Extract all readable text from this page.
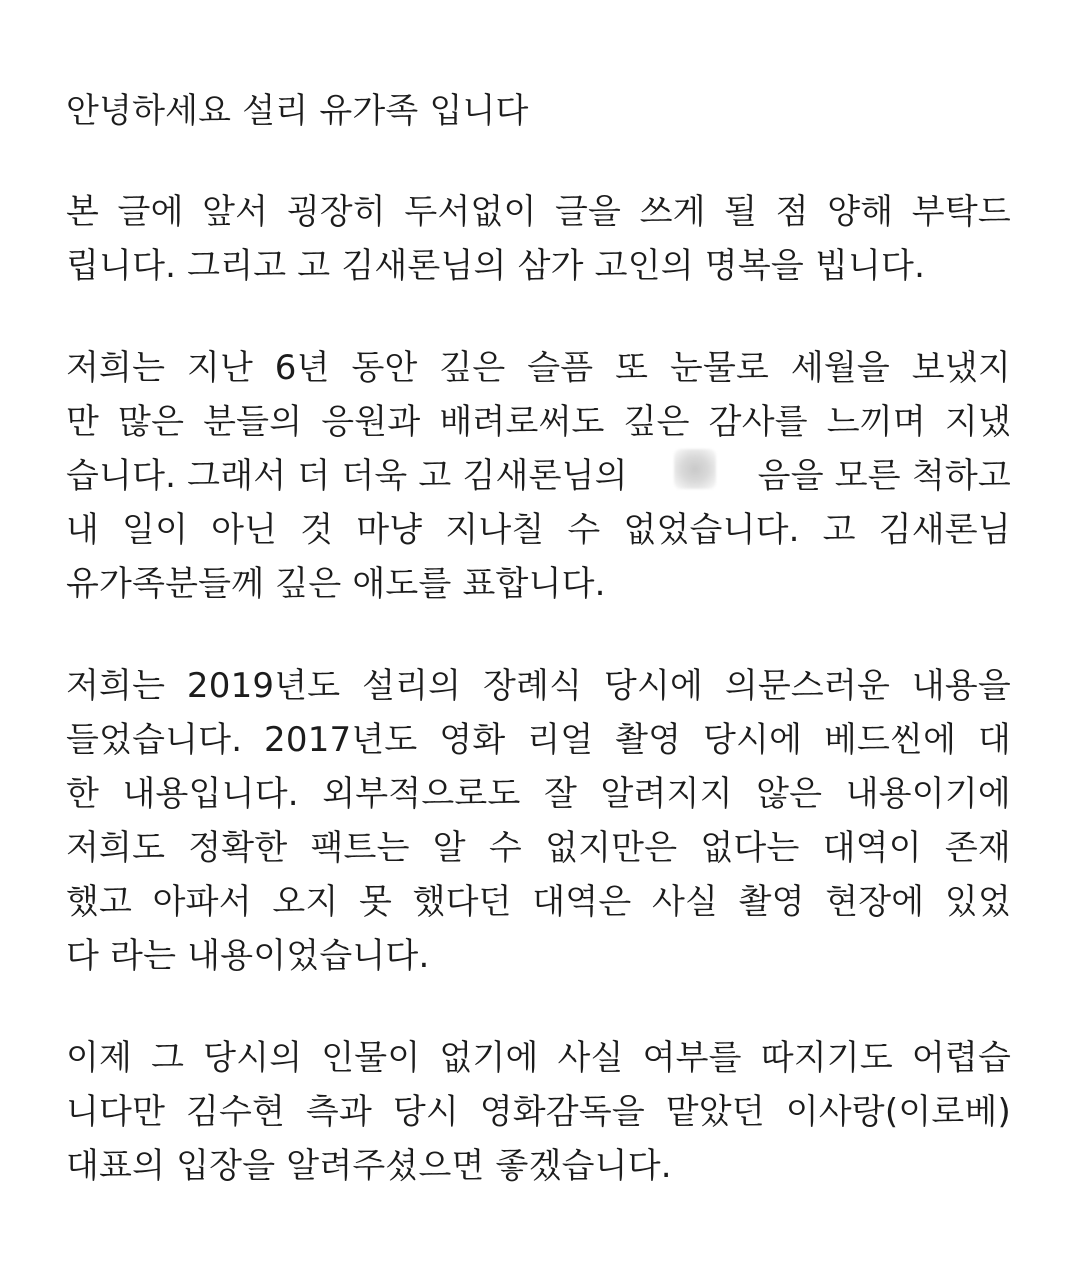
안녕하세요 설리 유가족 입니다
본 글에 앞서 굉장히 두서없이 글을 쓰게 될 점 양해 부탁드
립니다. 그리고 고 김새론님의 삼가 고인의 명복을 빕니다.
저희는 지난 6년 동안 깊은 슬픔 또 눈물로 세월을 보냈지
만 많은 분들의 응원과 배려로써도 깊은 감사를 느끼며 지냈
습니다. 그래서 더 더욱 고 김새론님의	음을 모른 척하고
내 일이 아닌 것 마냥 지나칠 수 없었습니다. 고 김새론님
유가족분들께 깊은 애도를 표합니다.
저희는 2019년도 설리의 장례식 당시에 의문스러운 내용을
들었습니다. 2017년도 영화 리얼 촬영 당시에 베드씬에 대
한 내용입니다. 외부적으로도 잘 알려지지 않은 내용이기에
저희도 정확한 팩트는 알 수 없지만은 없다는 대역이 존재
했고 아파서 오지 못 했다던 대역은 사실 촬영 현장에 있었
다 라는 내용이었습니다.
이제 그 당시의 인물이 없기에 사실 여부를 따지기도 어렵습
니다만 김수현 측과 당시 영화감독을 맡았던 이사랑(이로베)
대표의 입장을 알려주셨으면 좋겠습니다.
